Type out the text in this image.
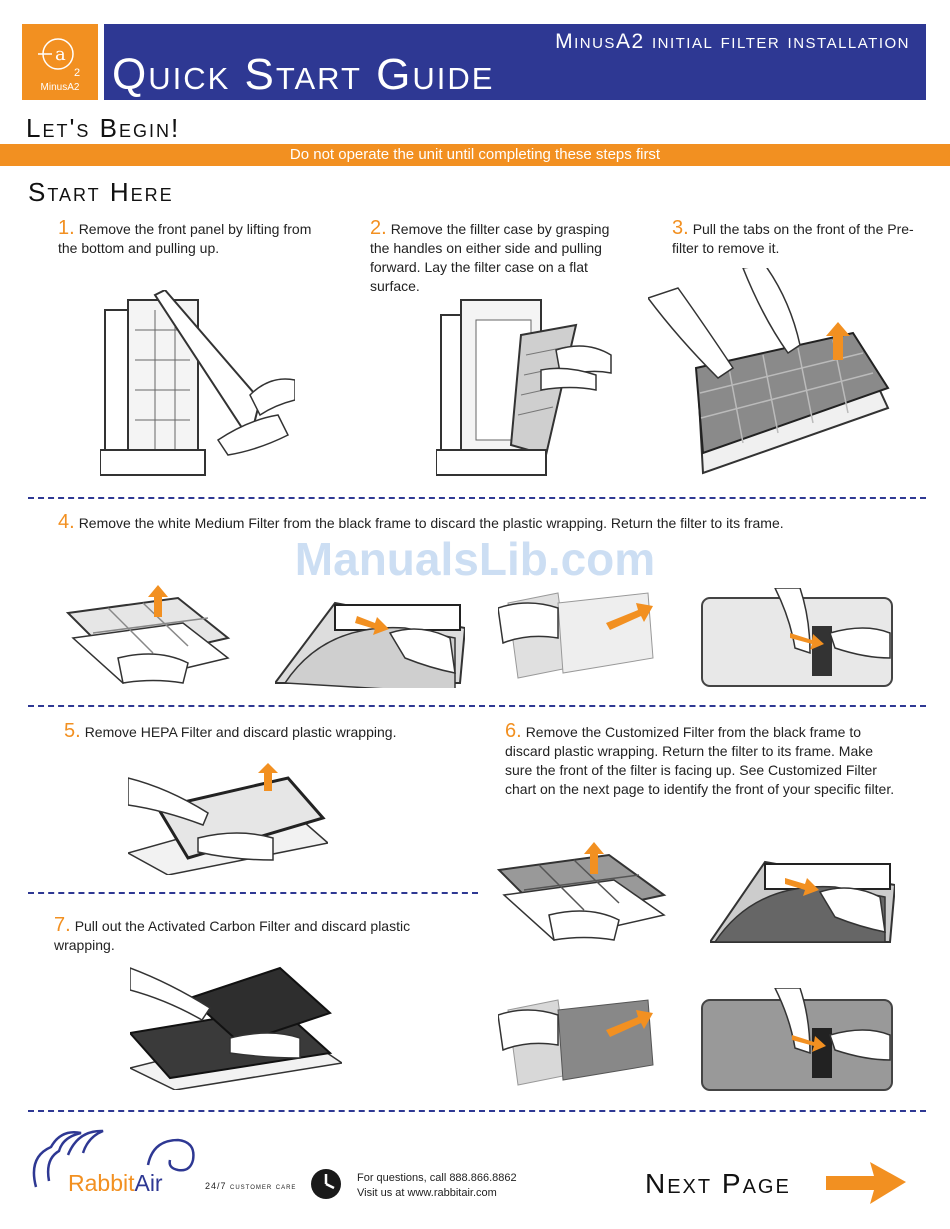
a
2
MinusA2
MinusA2 initial filter installation
Quick Start Guide
Let's Begin!
Do not operate the unit until completing these steps first
Start Here
1. Remove the front panel by lifting from the bottom and pulling up.
2. Remove the fillter case by grasping the handles on either side and pulling forward. Lay the filter case on a flat surface.
3. Pull the tabs on the front of the Pre-filter to remove it.
4. Remove the white Medium Filter from the black frame to discard the plastic wrapping. Return the filter to its frame.
ManualsLib.com
5. Remove HEPA Filter and discard plastic wrapping.	6. Remove the Customized Filter from the black frame to discard plastic wrapping. Return the filter to its frame. Make sure the front of the filter is facing up. See Customized Filter chart on the next page to identify the front of your specific filter.
7. Pull out the Activated Carbon Filter and discard plastic wrapping.
RabbitAir	24/7 customer care
For questions, call 888.866.8862
Visit us at www.rabbitair.com	Next Page
